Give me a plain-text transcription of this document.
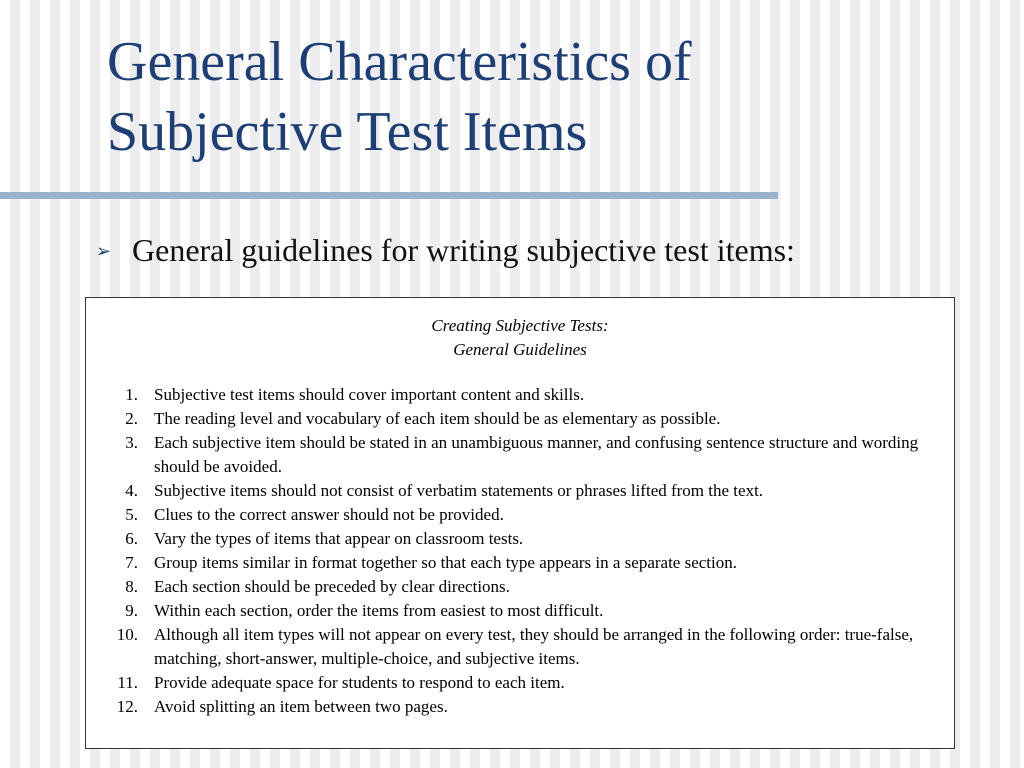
General Characteristics of
Subjective Test Items
➢ General guidelines for writing subjective test items:
Creating Subjective Tests:
General Guidelines
1. Subjective test items should cover important content and skills.
2. The reading level and vocabulary of each item should be as elementary as possible.
3. Each subjective item should be stated in an unambiguous manner, and confusing sentence structure and wording should be avoided.
4. Subjective items should not consist of verbatim statements or phrases lifted from the text.
5. Clues to the correct answer should not be provided.
6. Vary the types of items that appear on classroom tests.
7. Group items similar in format together so that each type appears in a separate section.
8. Each section should be preceded by clear directions.
9. Within each section, order the items from easiest to most difficult.
10. Although all item types will not appear on every test, they should be arranged in the following order: true-false, matching, short-answer, multiple-choice, and subjective items.
11. Provide adequate space for students to respond to each item.
12. Avoid splitting an item between two pages.
